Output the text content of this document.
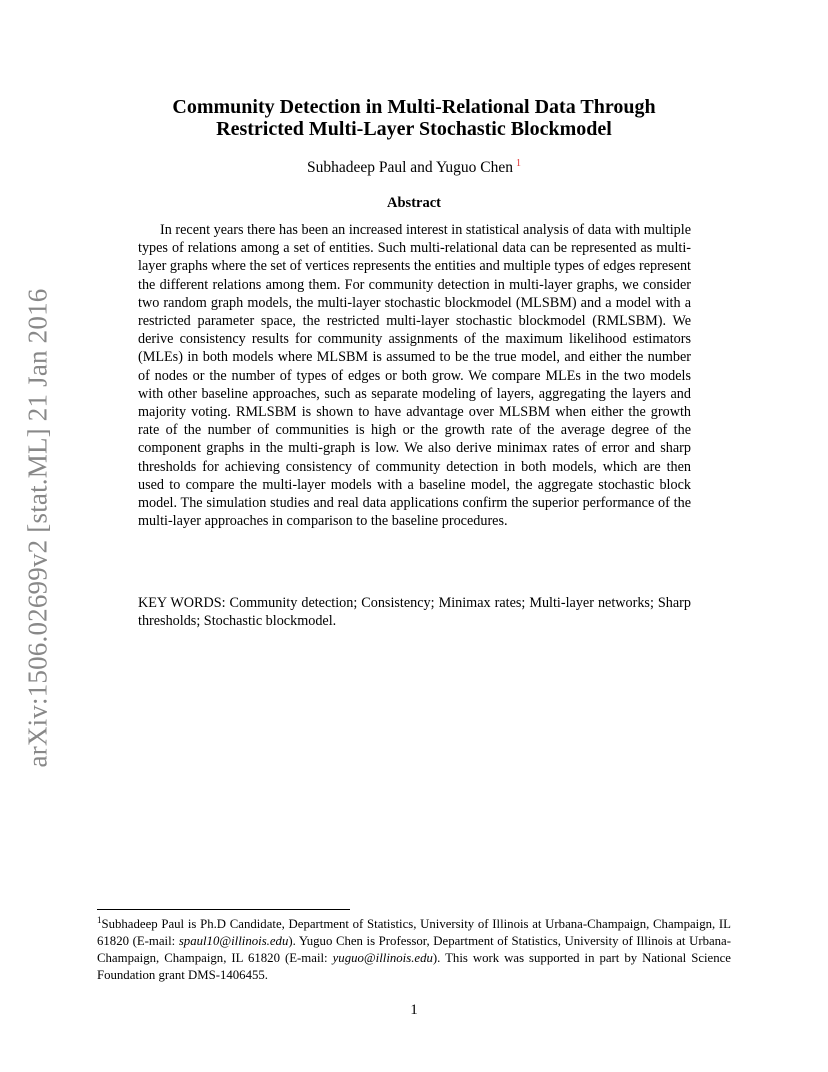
arXiv:1506.02699v2 [stat.ML] 21 Jan 2016
Community Detection in Multi-Relational Data Through
Restricted Multi-Layer Stochastic Blockmodel
Subhadeep Paul and Yuguo Chen $^1$
Abstract
In recent years there has been an increased interest in statistical analysis of data with multiple types of relations among a set of entities. Such multi-relational data can be represented as multi-layer graphs where the set of vertices represents the entities and multiple types of edges represent the different relations among them. For community detection in multi-layer graphs, we consider two random graph models, the multi-layer stochastic blockmodel (MLSBM) and a model with a restricted parameter space, the restricted multi-layer stochastic blockmodel (RMLSBM). We derive consistency results for community assignments of the maximum likelihood estimators (MLEs) in both models where MLSBM is assumed to be the true model, and either the number of nodes or the number of types of edges or both grow. We compare MLEs in the two models with other baseline approaches, such as separate modeling of layers, aggregating the layers and majority voting. RMLSBM is shown to have advantage over MLSBM when either the growth rate of the number of communities is high or the growth rate of the average degree of the component graphs in the multi-graph is low. We also derive minimax rates of error and sharp thresholds for achieving consistency of community detection in both models, which are then used to compare the multi-layer models with a baseline model, the aggregate stochastic block model. The simulation studies and real data applications confirm the superior performance of the multi-layer approaches in comparison to the baseline procedures.
KEY WORDS: Community detection; Consistency; Minimax rates; Multi-layer networks; Sharp thresholds; Stochastic blockmodel.
$^1$Subhadeep Paul is Ph.D Candidate, Department of Statistics, University of Illinois at Urbana-Champaign, Champaign, IL 61820 (E-mail: spaul10@illinois.edu). Yuguo Chen is Professor, Department of Statistics, University of Illinois at Urbana-Champaign, Champaign, IL 61820 (E-mail: yuguo@illinois.edu). This work was supported in part by National Science Foundation grant DMS-1406455.
1
